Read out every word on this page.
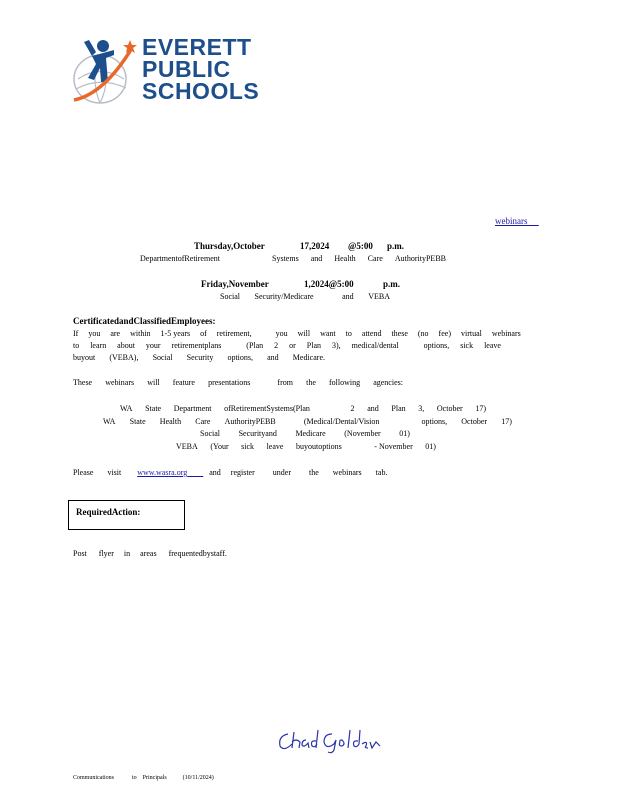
EVERETT
PUBLIC
SCHOOLS
webinars
Thursday,October	17,2024 @5:00 p.m.
DepartmentofRetirement	Systems and Health Care AuthorityPEBB
Friday,November	1,2024@5:00	p.m.
Social Security/Medicare	and VEBA
CertificatedandClassifiedEmployees:
If you are within 1-5 years of retirement,	you will want to attend these (no fee) virtual webinars
to learn about your retirementplans	(Plan 2 or Plan 3), medical/dental	options, sick leave
buyout (VEBA), Social Security options, and Medicare.
These webinars will feature presentations	from the following agencies:
WA State Department ofRetirementSystems(Plan	2 and Plan 3, October 17)
WA State Health Care AuthorityPEBB	(Medical/Dental/Vision	options, October 17)
Social Securityand Medicare (November 01)
VEBA (Your sick leave buyoutoptions	- November 01)
Please visit www.wasra.org	and register under the webinars tab.
RequiredAction:
Post flyer in areas frequentedbystaff.
Communications	to Principals	(10/11/2024)
